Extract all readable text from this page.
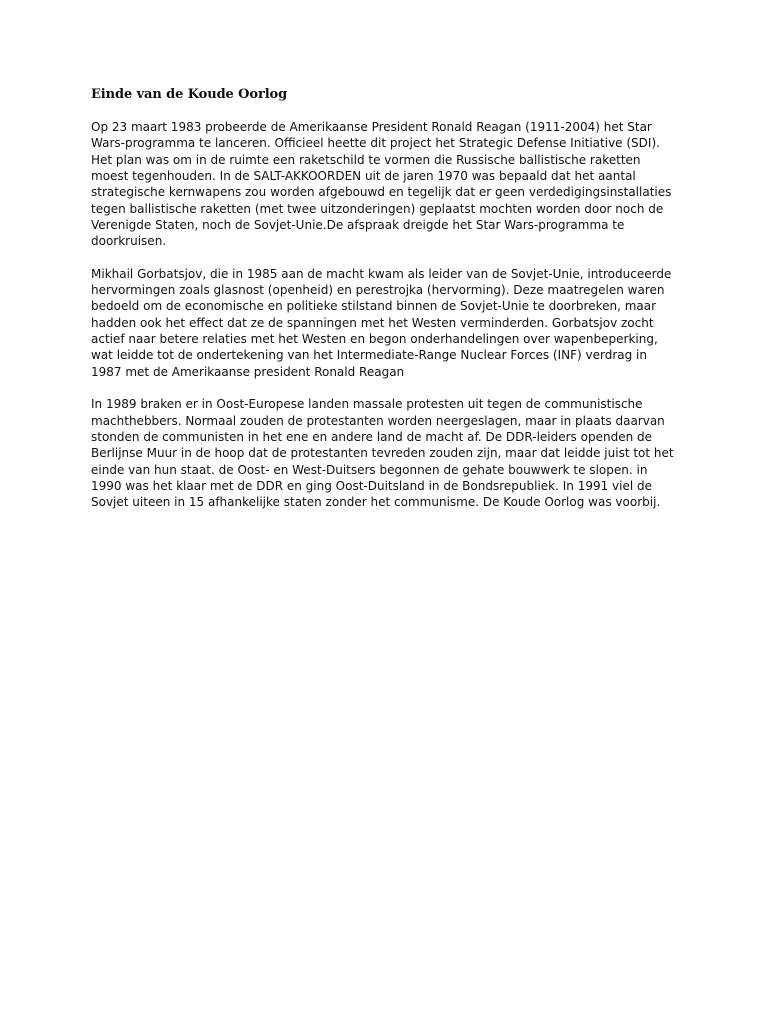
Einde van de Koude Oorlog

Op 23 maart 1983 probeerde de Amerikaanse President Ronald Reagan (1911-2004) het Star
Wars-programma te lanceren. Officieel heette dit project het Strategic Defense Initiative (SDI).
Het plan was om in de ruimte een raketschild te vormen die Russische ballistische raketten
moest tegenhouden. In de SALT-AKKOORDEN uit de jaren 1970 was bepaald dat het aantal
strategische kernwapens zou worden afgebouwd en tegelijk dat er geen verdedigingsinstallaties
tegen ballistische raketten (met twee uitzonderingen) geplaatst mochten worden door noch de
Verenigde Staten, noch de Sovjet-Unie.De afspraak dreigde het Star Wars-programma te
doorkruisen.

Mikhail Gorbatsjov, die in 1985 aan de macht kwam als leider van de Sovjet-Unie, introduceerde
hervormingen zoals glasnost (openheid) en perestrojka (hervorming). Deze maatregelen waren
bedoeld om de economische en politieke stilstand binnen de Sovjet-Unie te doorbreken, maar
hadden ook het effect dat ze de spanningen met het Westen verminderden. Gorbatsjov zocht
actief naar betere relaties met het Westen en begon onderhandelingen over wapenbeperking,
wat leidde tot de ondertekening van het Intermediate-Range Nuclear Forces (INF) verdrag in
1987 met de Amerikaanse president Ronald Reagan

In 1989 braken er in Oost-Europese landen massale protesten uit tegen de communistische
machthebbers. Normaal zouden de protestanten worden neergeslagen, maar in plaats daarvan
stonden de communisten in het ene en andere land de macht af. De DDR-leiders openden de
Berlijnse Muur in de hoop dat de protestanten tevreden zouden zijn, maar dat leidde juist tot het
einde van hun staat. de Oost- en West-Duitsers begonnen de gehate bouwwerk te slopen. in
1990 was het klaar met de DDR en ging Oost-Duitsland in de Bondsrepubliek. In 1991 viel de
Sovjet uiteen in 15 afhankelijke staten zonder het communisme. De Koude Oorlog was voorbij.
